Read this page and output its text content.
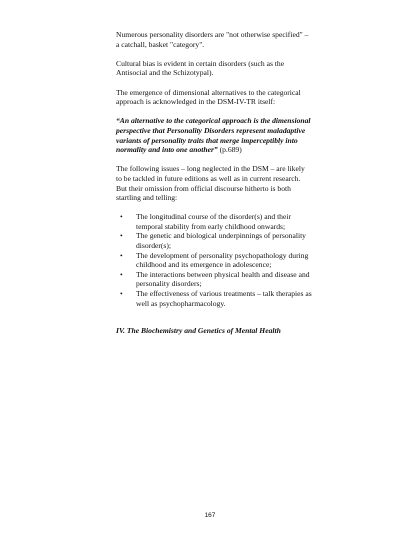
Numerous personality disorders are "not otherwise specified" – a catchall, basket "category".

Cultural bias is evident in certain disorders (such as the Antisocial and the Schizotypal).

The emergence of dimensional alternatives to the categorical approach is acknowledged in the DSM-IV-TR itself:

“An alternative to the categorical approach is the dimensional perspective that Personality Disorders represent maladaptive variants of personality traits that merge imperceptibly into normality and into one another” (p.689)

The following issues – long neglected in the DSM – are likely to be tackled in future editions as well as in current research. But their omission from official discourse hitherto is both startling and telling:

• The longitudinal course of the disorder(s) and their temporal stability from early childhood onwards;
• The genetic and biological underpinnings of personality disorder(s);
• The development of personality psychopathology during childhood and its emergence in adolescence;
• The interactions between physical health and disease and personality disorders;
• The effectiveness of various treatments – talk therapies as well as psychopharmacology.

IV. The Biochemistry and Genetics of Mental Health

167
